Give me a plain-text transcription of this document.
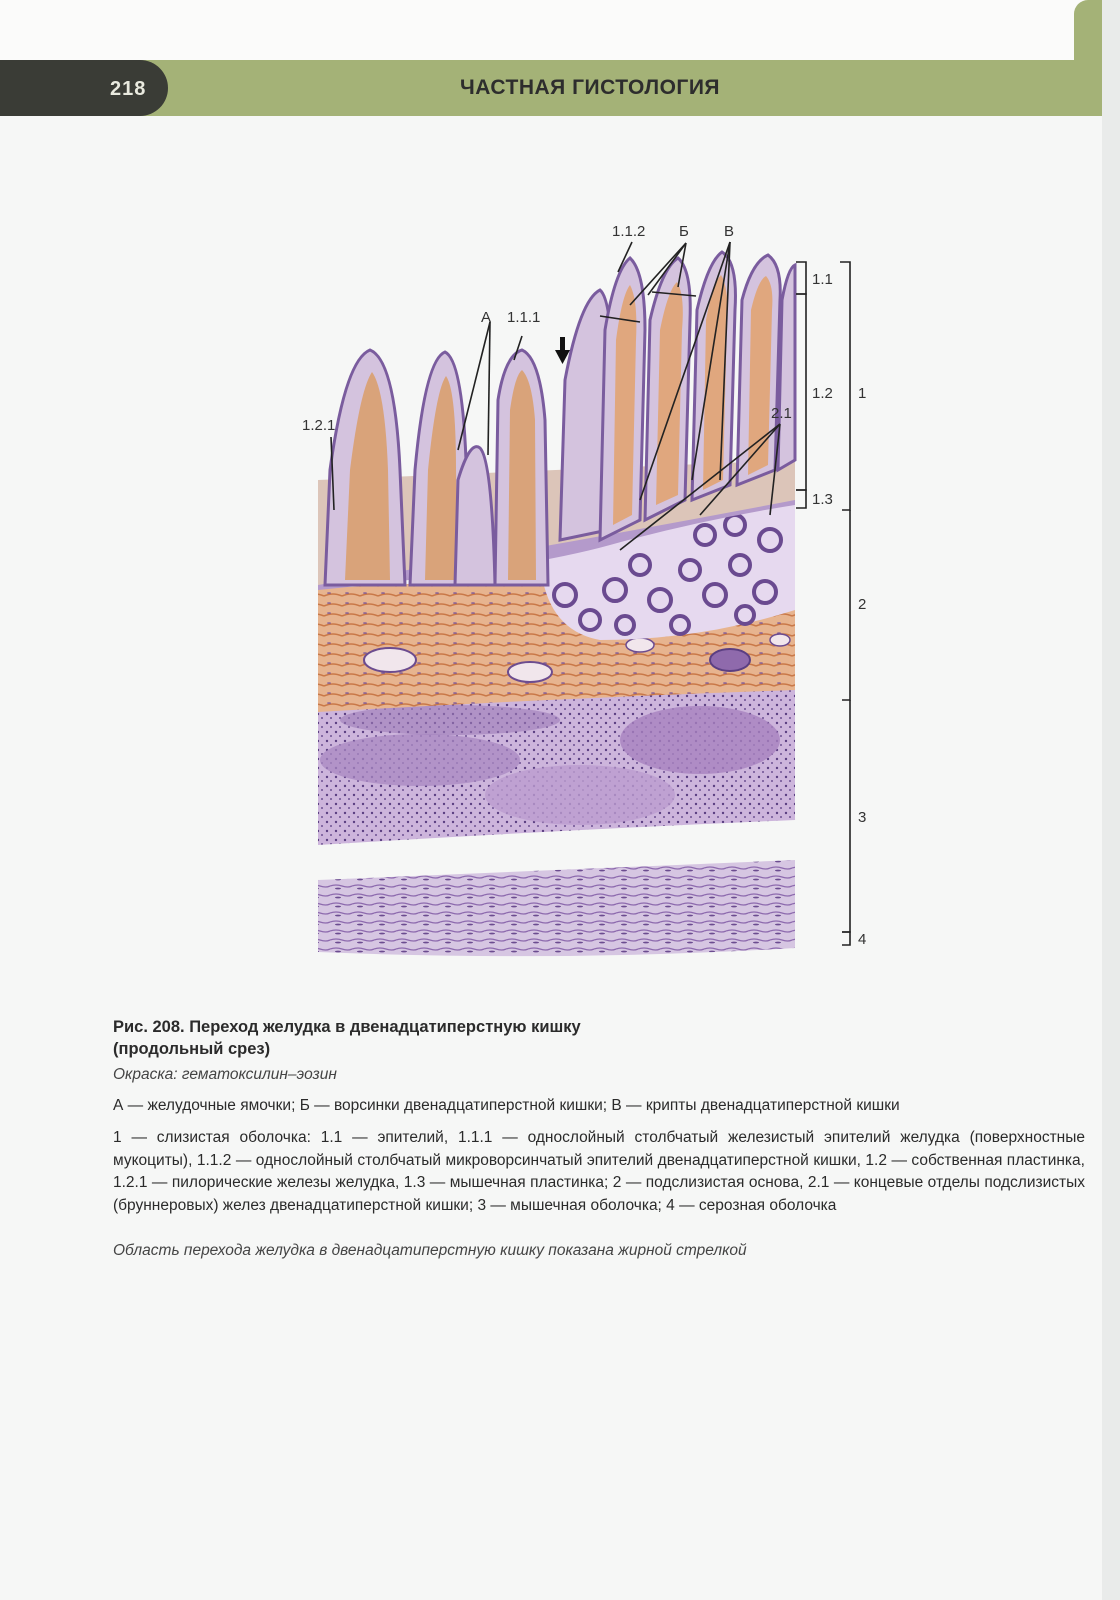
218	ЧАСТНАЯ ГИСТОЛОГИЯ
1.1.2 Б В
А 1.1.1
1.2.1
2.1
1.1
1.2
1.3
1
2
3
4
Рис. 208. Переход желудка в двенадцатиперстную кишку
(продольный срез)
Окраска: гематоксилин–эозин
А — желудочные ямочки; Б — ворсинки двенадцатиперстной кишки; В — крипты двенадцатиперстной кишки
1 — слизистая оболочка: 1.1 — эпителий, 1.1.1 — однослойный столбчатый железистый эпителий желудка (поверхностные мукоциты), 1.1.2 — однослойный столбчатый микроворсинчатый эпителий двенадцатиперстной кишки, 1.2 — собственная пластинка, 1.2.1 — пилорические железы желудка, 1.3 — мышечная пластинка; 2 — подслизистая основа, 2.1 — концевые отделы подслизистых (бруннеровых) желез двенадцатиперстной кишки; 3 — мышечная оболочка; 4 — серозная оболочка
Область перехода желудка в двенадцатиперстную кишку показана жирной стрелкой
